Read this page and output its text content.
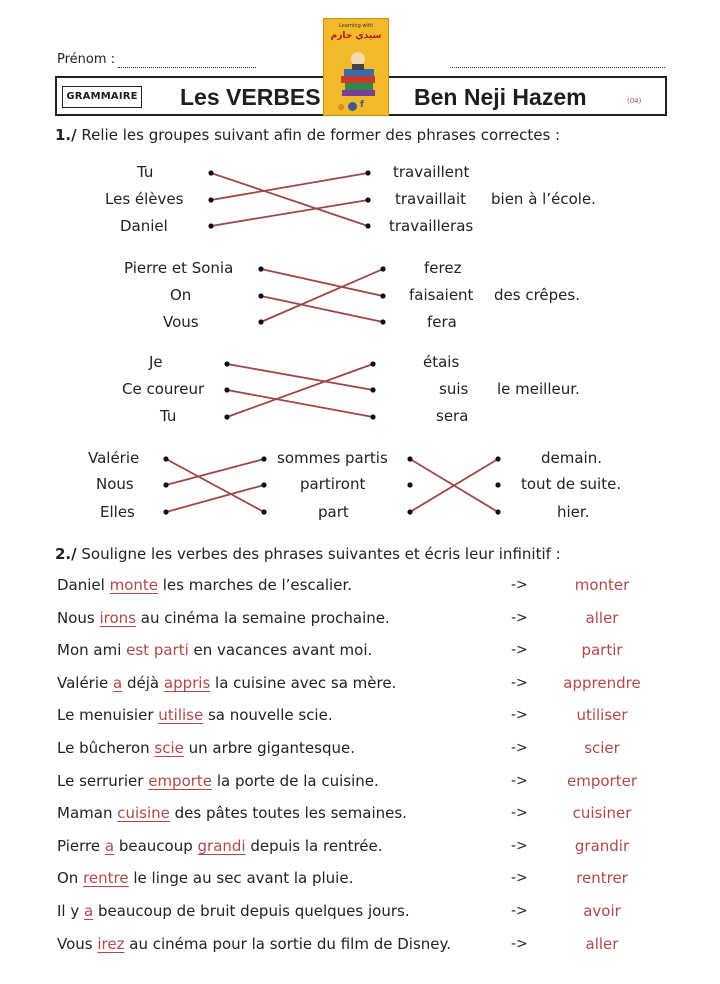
Prénom :
GRAMMAIRE Les VERBES	Ben Neji Hazem	(04)
Learning with
سيدي حازم
◎ f
1./ Relie les groupes suivant afin de former des phrases correctes :
Tu
Les élèves
Daniel
travaillent
travaillait
travailleras
bien à l’école.
Pierre et Sonia
On
Vous
ferez
faisaient
fera
des crêpes.
Je
Ce coureur
Tu
étais
suis
sera
le meilleur.
Valérie
Nous
Elles
sommes partis
partiront
part
demain.
tout de suite.
hier.
2./ Souligne les verbes des phrases suivantes et écris leur infinitif :
Daniel monte les marches de l’escalier.	->	monter
Nous irons au cinéma la semaine prochaine.	->	aller
Mon ami est parti en vacances avant moi.	->	partir
Valérie a déjà appris la cuisine avec sa mère.	-> apprendre
Le menuisier utilise sa nouvelle scie.	->	utiliser
Le bûcheron scie un arbre gigantesque.	->	scier
Le serrurier emporte la porte de la cuisine.	->	emporter
Maman cuisine des pâtes toutes les semaines.	->	cuisiner
Pierre a beaucoup grandi depuis la rentrée.	->	grandir
On rentre le linge au sec avant la pluie.	->	rentrer
Il y a beaucoup de bruit depuis quelques jours.	->	avoir
Vous irez au cinéma pour la sortie du film de Disney.	->	aller
